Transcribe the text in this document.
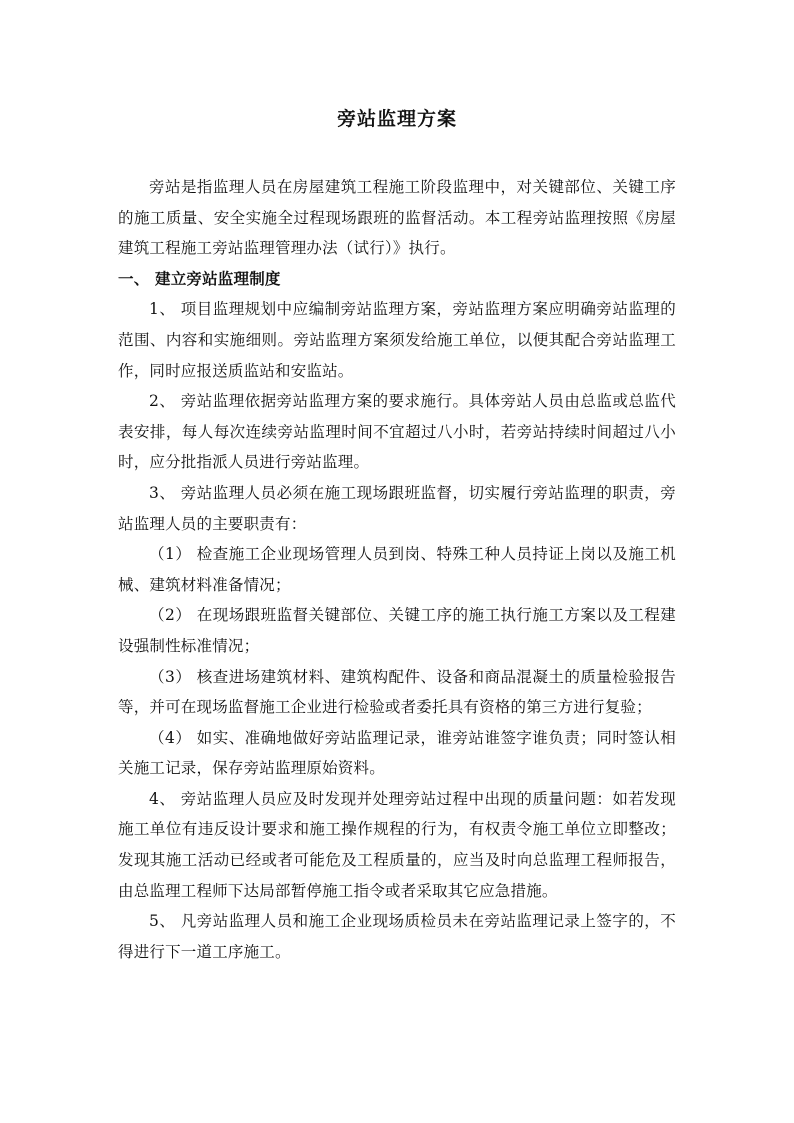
旁站监理方案

旁站是指监理人员在房屋建筑工程施工阶段监理中，对关键部位、关键工序的施工质量、安全实施全过程现场跟班的监督活动。本工程旁站监理按照《房屋建筑工程施工旁站监理管理办法（试行）》执行。

一、 建立旁站监理制度

1、 项目监理规划中应编制旁站监理方案，旁站监理方案应明确旁站监理的范围、内容和实施细则。旁站监理方案须发给施工单位，以便其配合旁站监理工作，同时应报送质监站和安监站。

2、 旁站监理依据旁站监理方案的要求施行。具体旁站人员由总监或总监代表安排，每人每次连续旁站监理时间不宜超过八小时，若旁站持续时间超过八小时，应分批指派人员进行旁站监理。

3、 旁站监理人员必须在施工现场跟班监督，切实履行旁站监理的职责，旁站监理人员的主要职责有：

（1） 检查施工企业现场管理人员到岗、特殊工种人员持证上岗以及施工机械、建筑材料准备情况；

（2） 在现场跟班监督关键部位、关键工序的施工执行施工方案以及工程建设强制性标准情况；

（3） 核查进场建筑材料、建筑构配件、设备和商品混凝土的质量检验报告等，并可在现场监督施工企业进行检验或者委托具有资格的第三方进行复验；

（4） 如实、准确地做好旁站监理记录，谁旁站谁签字谁负责；同时签认相关施工记录，保存旁站监理原始资料。

4、 旁站监理人员应及时发现并处理旁站过程中出现的质量问题：如若发现施工单位有违反设计要求和施工操作规程的行为，有权责令施工单位立即整改；发现其施工活动已经或者可能危及工程质量的，应当及时向总监理工程师报告，由总监理工程师下达局部暂停施工指令或者采取其它应急措施。

5、 凡旁站监理人员和施工企业现场质检员未在旁站监理记录上签字的，不得进行下一道工序施工。
